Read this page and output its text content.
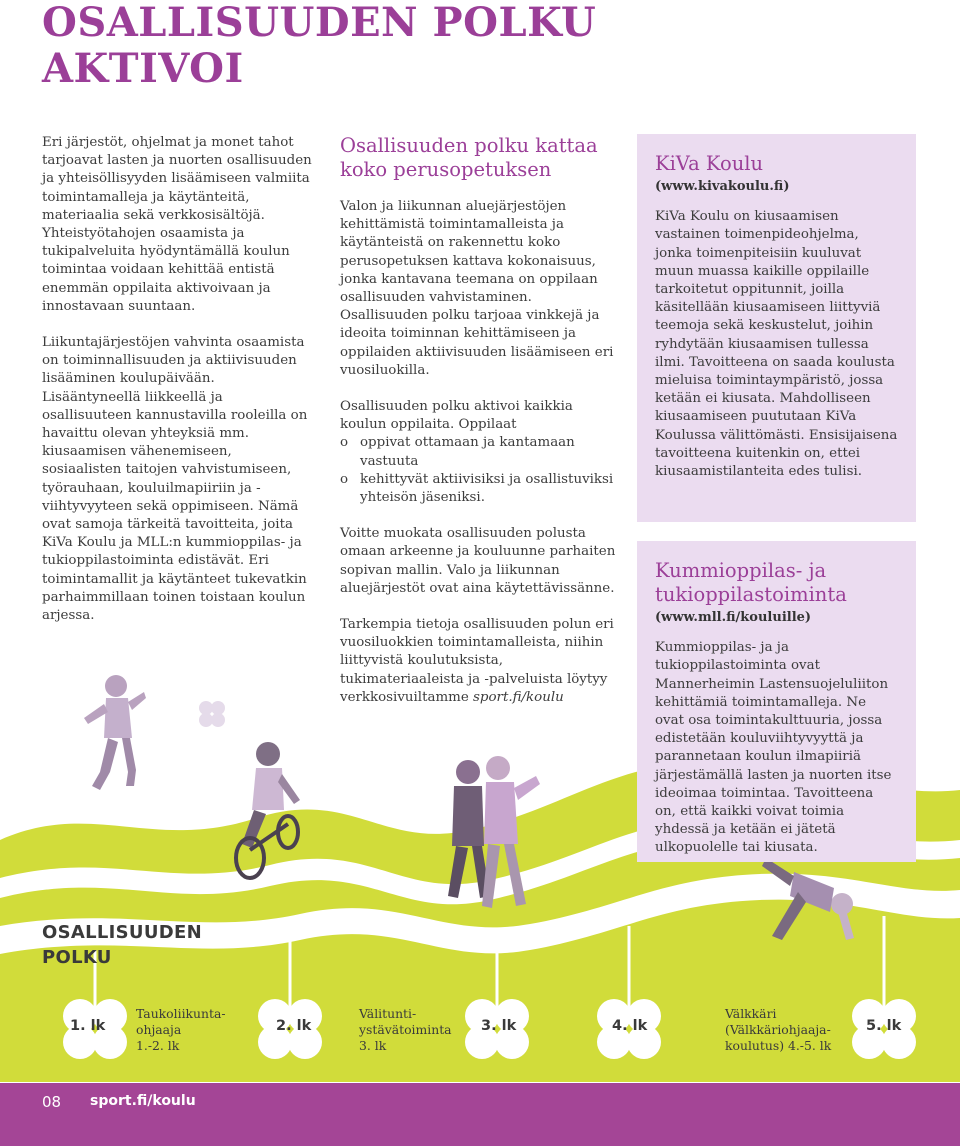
OSALLISUUDEN POLKU
AKTIVOI

Eri järjestöt, ohjelmat ja monet tahot tarjoavat lasten ja nuorten osallisuuden ja yhteisöllisyyden lisäämiseen valmiita toimintamalleja ja käytänteitä, materiaalia sekä verkkosisältöjä. Yhteistyötahojen osaamista ja tukipalveluita hyödyntämällä koulun toimintaa voidaan kehittää entistä enemmän oppilaita aktivoivaan ja innostavaan suuntaan.

Liikuntajärjestöjen vahvinta osaamista on toiminnallisuuden ja aktiivisuuden lisääminen koulupäivään. Lisääntyneellä liikkeellä ja osallisuuteen kannustavilla rooleilla on havaittu olevan yhteyksiä mm. kiusaamisen vähenemiseen, sosiaalisten taitojen vahvistumiseen, työrauhaan, kouluilmapiiriin ja -viihtyvyyteen sekä oppimiseen. Nämä ovat samoja tärkeitä tavoitteita, joita KiVa Koulu ja MLL:n kummioppilas- ja tukioppilastoiminta edistävät. Eri toimintamallit ja käytänteet tukevatkin parhaimmillaan toinen toistaan koulun arjessa.

Osallisuuden polku kattaa koko perusopetuksen

Valon ja liikunnan aluejärjestöjen kehittämistä toimintamalleista ja käytänteistä on rakennettu koko perusopetuksen kattava kokonaisuus, jonka kantavana teemana on oppilaan osallisuuden vahvistaminen. Osallisuuden polku tarjoaa vinkkejä ja ideoita toiminnan kehittämiseen ja oppilaiden aktiivisuuden lisäämiseen eri vuosiluokilla.

Osallisuuden polku aktivoi kaikkia koulun oppilaita. Oppilaat

o oppivat ottamaan ja kantamaan vastuuta
o kehittyvät aktiivisiksi ja osallistuviksi yhteisön jäseniksi.

Voitte muokata osallisuuden polusta omaan arkeenne ja kouluunne parhaiten sopivan mallin. Valo ja liikunnan aluejärjestöt ovat aina käytettävissänne.

Tarkempia tietoja osallisuuden polun eri vuosiluokkien toimintamalleista, niihin liittyvistä koulutuksista, tukimateriaaleista ja -palveluista löytyy verkkosivuiltamme sport.fi/koulu

KiVa Koulu
(www.kivakoulu.fi)

KiVa Koulu on kiusaamisen vastainen toimenpideohjelma, jonka toimenpiteisiin kuuluvat muun muassa kaikille oppilaille tarkoitetut oppitunnit, joilla käsitellään kiusaamiseen liittyviä teemoja sekä keskustelut, joihin ryhdytään kiusaamisen tullessa ilmi. Tavoitteena on saada koulusta mieluisa toimintaympäristö, jossa ketään ei kiusata. Mahdolliseen kiusaamiseen puututaan KiVa Koulussa välittömästi. Ensisijaisena tavoitteena kuitenkin on, ettei kiusaamistilanteita edes tulisi.

Kummioppilas- ja tukioppilastoiminta
(www.mll.fi/kouluille)

Kummioppilas- ja ja tukioppilastoiminta ovat Mannerheimin Lastensuojeluliiton kehittämiä toimintamalleja. Ne ovat osa toimintakulttuuria, jossa edistetään kouluviihtyvyyttä ja parannetaan koulun ilmapiiriä järjestämällä lasten ja nuorten itse ideoimaa toimintaa. Tavoitteena on, että kaikki voivat toimia yhdessä ja ketään ei jätetä ulkopuolelle tai kiusata.

OSALLISUUDEN
POLKU
1. lk	2. lk	3. lk	4. lk	5. lk
Taukoliikunta-
ohjaaja
1.-2. lk
Välitunti-
ystävätoiminta
3. lk
Välkkäri
(Välkkäriohjaaja-
koulutus) 4.-5. lk
08 sport.fi/koulu
